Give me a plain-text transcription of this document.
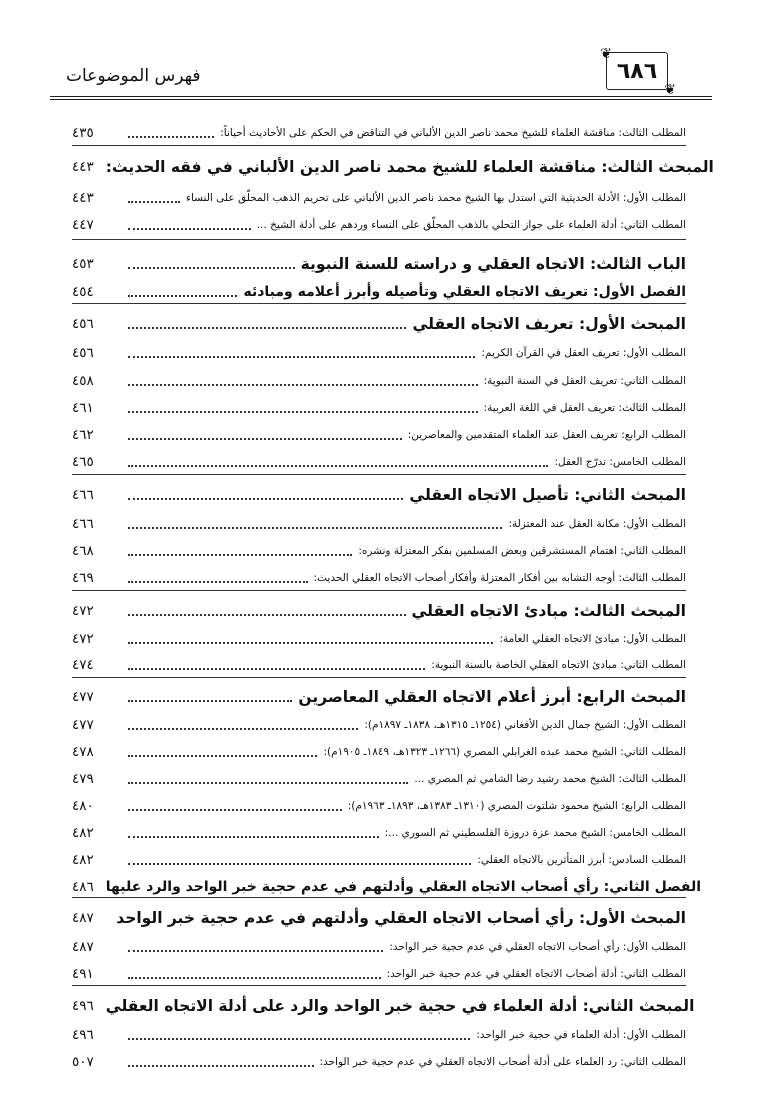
فهرس الموضوعات	٦٨٦
❦
❦
٤٣٥	المطلب الثالث: مناقشة العلماء للشيخ محمد ناصر الدين الألباني في التناقض في الحكم على الأحاديث أحياناً:
٤٤٣ المبحث الثالث: مناقشة العلماء للشيخ محمد ناصر الدين الألباني في فقه الحديث:
٤٤٣	المطلب الأول: الأدلة الحديثية التي استدل بها الشيخ محمد ناصر الدين الألباني على تحريم الذهب المحلّق على النساء
٤٤٧	المطلب الثاني: أدلة العلماء على جواز التحلي بالذهب المحلّق على النساء وردهم على أدلة الشيخ ...
٤٥٣	الباب الثالث: الاتجاه العقلي و دراسته للسنة النبوية
٤٥٤	الفصل الأول: تعريف الاتجاه العقلي وتأصيله وأبرز أعلامه ومبادئه
٤٥٦	المبحث الأول: تعريف الاتجاه العقلي
٤٥٦	المطلب الأول: تعريف العقل في القرآن الكريم:
٤٥٨	المطلب الثاني: تعريف العقل في السنة النبوية:
٤٦١	المطلب الثالث: تعريف العقل في اللغة العربية:
٤٦٢	المطلب الرابع: تعريف العقل عند العلماء المتقدمين والمعاصرين:
٤٦٥	المطلب الخامس: تدرّج العقل:
٤٦٦	المبحث الثاني: تأصيل الاتجاه العقلي
٤٦٦	المطلب الأول: مكانة العقل عند المعتزلة:
٤٦٨	المطلب الثاني: اهتمام المستشرقين وبعض المسلمين بفكر المعتزلة ونشره:
٤٦٩	المطلب الثالث: أوجه التشابه بين أفكار المعتزلة وأفكار أصحاب الاتجاه العقلي الحديث:
٤٧٢	المبحث الثالث: مبادئ الاتجاه العقلي
٤٧٢	المطلب الأول: مبادئ الاتجاه العقلي العامة:
٤٧٤	المطلب الثاني: مبادئ الاتجاه العقلي الخاصة بالسنة النبوية:
٤٧٧	المبحث الرابع: أبرز أعلام الاتجاه العقلي المعاصرين
٤٧٧	المطلب الأول: الشيخ جمال الدين الأفغاني (١٢٥٤ـ ١٣١٥هـ، ١٨٣٨ـ ١٨٩٧م):
٤٧٨	المطلب الثاني: الشيخ محمد عبده الغرابلي المصري (١٢٦٦ـ ١٣٢٣هـ، ١٨٤٩ـ ١٩٠٥م):
٤٧٩	المطلب الثالث: الشيخ محمد رشيد رضا الشامي ثم المصري ...
٤٨٠	المطلب الرابع: الشيخ محمود شلتوت المصري (١٣١٠ـ ١٣٨٣هـ، ١٨٩٣ـ ١٩٦٣م):
٤٨٢	المطلب الخامس: الشيخ محمد عزة دروزة الفلسطيني ثم السوري ...:
٤٨٢	المطلب السادس: أبرز المتأثرين بالاتجاه العقلي:
٤٨٦ الفصل الثاني: رأي أصحاب الاتجاه العقلي وأدلتهم في عدم حجية خبر الواحد والرد عليها
٤٨٧	المبحث الأول: رأي أصحاب الاتجاه العقلي وأدلتهم في عدم حجية خبر الواحد
٤٨٧	المطلب الأول: رأي أصحاب الاتجاه العقلي في عدم حجية خبر الواحد:
٤٩١	المطلب الثاني: أدلة أصحاب الاتجاه العقلي في عدم حجية خبر الواحد:
٤٩٦ المبحث الثاني: أدلة العلماء في حجية خبر الواحد والرد على أدلة الاتجاه العقلي
٤٩٦	المطلب الأول: أدلة العلماء في حجية خبر الواحد:
٥٠٧	المطلب الثاني: رد العلماء على أدلة أصحاب الاتجاه العقلي في عدم حجية خبر الواحد:
